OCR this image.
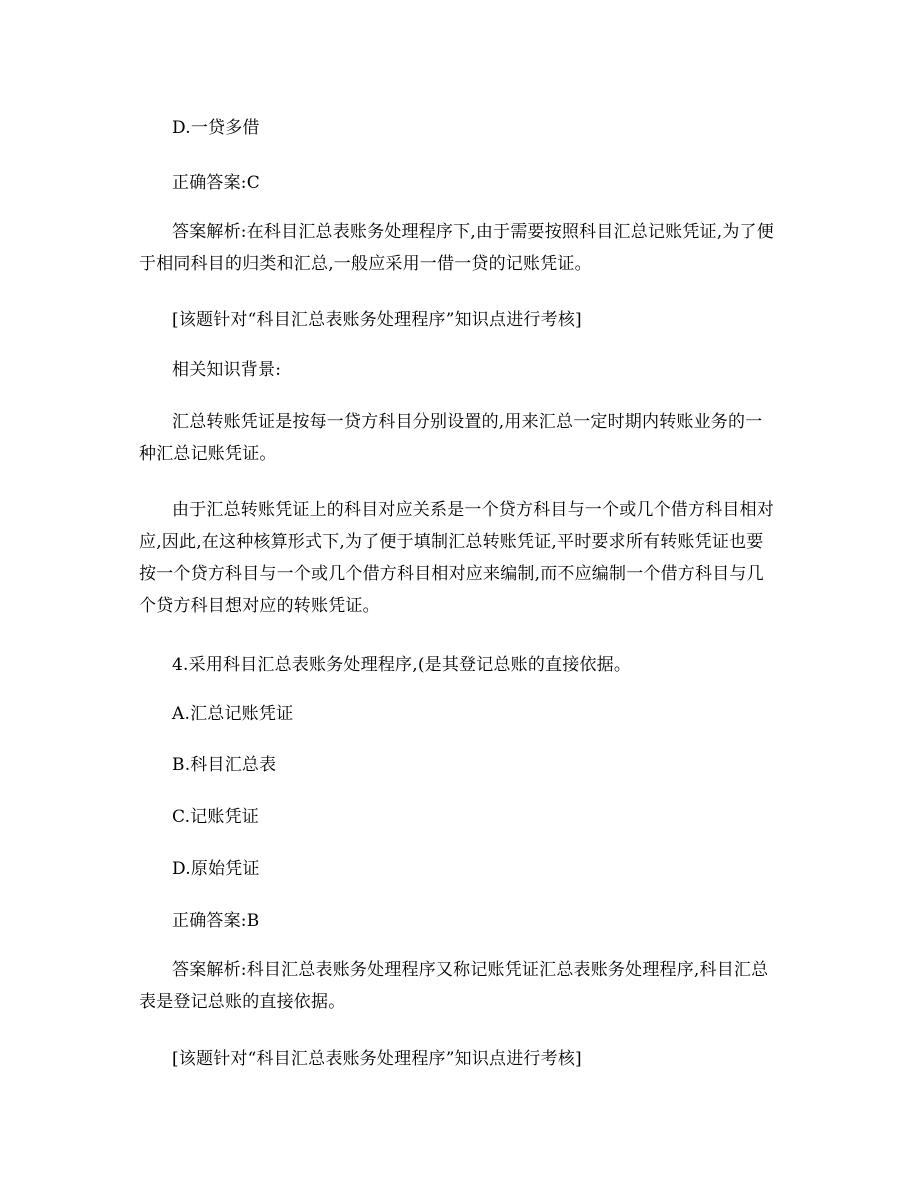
D.一贷多借
正确答案:C
答案解析:在科目汇总表账务处理程序下,由于需要按照科目汇总记账凭证,为了便于相同科目的归类和汇总,一般应采用一借一贷的记账凭证。
[该题针对“科目汇总表账务处理程序”知识点进行考核]
相关知识背景:
汇总转账凭证是按每一贷方科目分别设置的,用来汇总一定时期内转账业务的一种汇总记账凭证。
由于汇总转账凭证上的科目对应关系是一个贷方科目与一个或几个借方科目相对应,因此,在这种核算形式下,为了便于填制汇总转账凭证,平时要求所有转账凭证也要按一个贷方科目与一个或几个借方科目相对应来编制,而不应编制一个借方科目与几个贷方科目想对应的转账凭证。
4.采用科目汇总表账务处理程序,(是其登记总账的直接依据。
A.汇总记账凭证
B.科目汇总表
C.记账凭证
D.原始凭证
正确答案:B
答案解析:科目汇总表账务处理程序又称记账凭证汇总表账务处理程序,科目汇总表是登记总账的直接依据。
[该题针对“科目汇总表账务处理程序”知识点进行考核]
